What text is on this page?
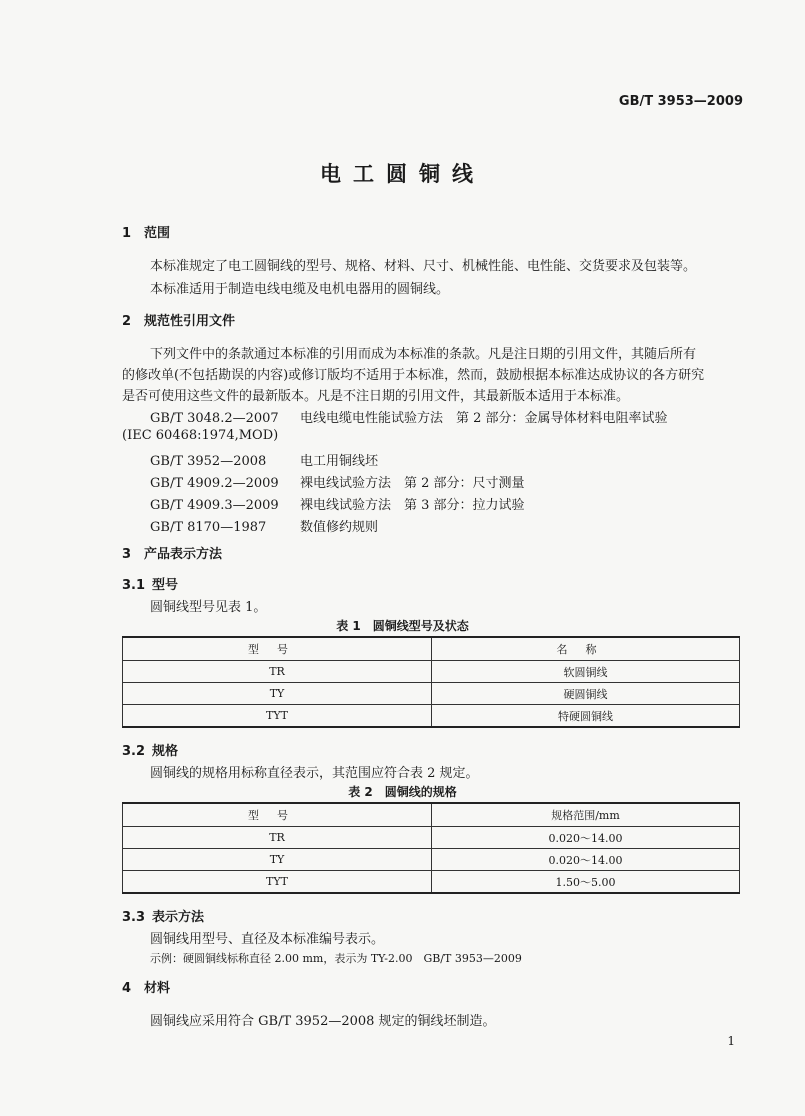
GB/T 3953—2009
电工圆铜线
1 范围
本标准规定了电工圆铜线的型号、规格、材料、尺寸、机械性能、电性能、交货要求及包装等。
本标准适用于制造电线电缆及电机电器用的圆铜线。
2 规范性引用文件
下列文件中的条款通过本标准的引用而成为本标准的条款。凡是注日期的引用文件，其随后所有
的修改单(不包括勘误的内容)或修订版均不适用于本标准，然而，鼓励根据本标准达成协议的各方研究
是否可使用这些文件的最新版本。凡是不注日期的引用文件，其最新版本适用于本标准。
GB/T 3048.2—2007 电线电缆电性能试验方法　第 2 部分：金属导体材料电阻率试验
(IEC 60468:1974,MOD)
GB/T 3952—2008	电工用铜线坯
GB/T 4909.2—2009 裸电线试验方法　第 2 部分：尺寸测量
GB/T 4909.3—2009 裸电线试验方法　第 3 部分：拉力试验
GB/T 8170—1987	数值修约规则
3 产品表示方法
3.1 型号
圆铜线型号见表 1。
表 1　圆铜线型号及状态
型号	名称
TR	软圆铜线
TY	硬圆铜线
TYT	特硬圆铜线
3.2 规格
圆铜线的规格用标称直径表示，其范围应符合表 2 规定。
表 2　圆铜线的规格
型号	规格范围/mm
TR	0.020～14.00
TY	0.020～14.00
TYT	1.50～5.00
3.3 表示方法
圆铜线用型号、直径及本标准编号表示。
示例：硬圆铜线标称直径 2.00 mm，表示为 TY-2.00　GB/T 3953—2009
4 材料
圆铜线应采用符合 GB/T 3952—2008 规定的铜线坯制造。
1
